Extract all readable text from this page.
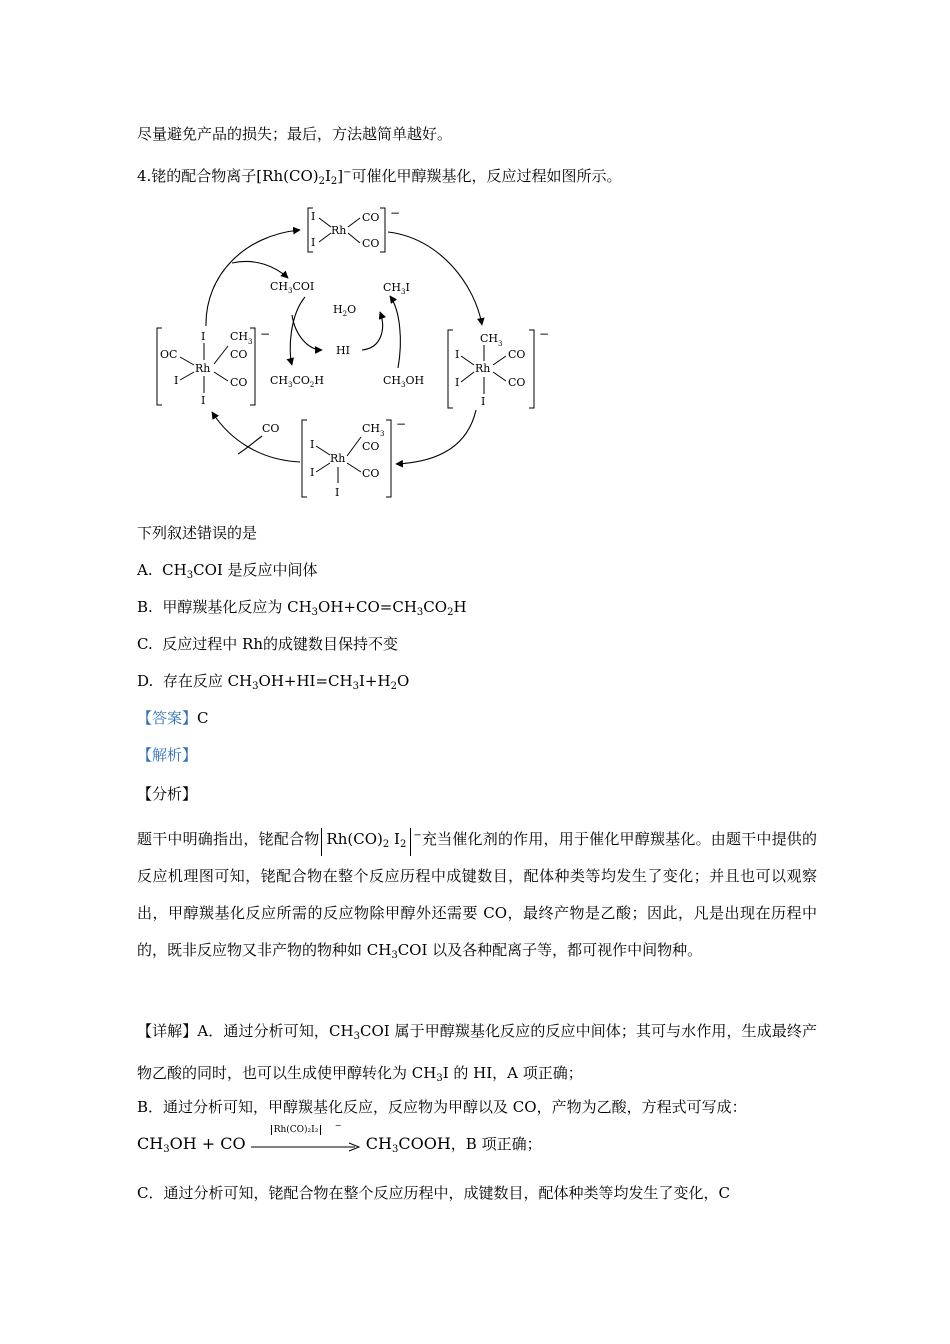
尽量避免产品的损失；最后，方法越简单越好。
4.铑的配合物离子$[Rh(CO)_2I_2]^-$可催化甲醇羰基化，反应过程如图所示。
−
I
I
Rh
CO
CO
−
I
Rh
I
OC
I
CH 3
CO
CO
−
CH 3
Rh
I
I
I
CO
CO
−
CH 3
CO
I
Rh
I	CO
I
$CH_3COI$	$CH_3I$
$H_2O$
HI
$CH_3CO_2H$	$CH_3OH$
CO
下列叙述错误的是
A. $CH_3COI$ 是反应中间体
B. 甲醇羰基化反应为 $CH_3OH+CO=CH_3CO_2H$
C. 反应过程中 Rh的成键数目保持不变
D. 存在反应 $CH_3OH+HI=CH_3I+H_2O$
【答案】C
【解析】
【分析】
题干中明确指出，铑配合物 $Rh(CO)_2$ $I_2^-$充当催化剂的作用，用于催化甲醇羰基化。由题干中提供的反应机理图可知，铑配合物在整个反应历程中成键数目，配体种类等均发生了变化；并且也可以观察出，甲醇羰基化反应所需的反应物除甲醇外还需要 CO，最终产物是乙酸；因此，凡是出现在历程中的，既非反应物又非产物的物种如 $CH_3COI$ 以及各种配离子等，都可视作中间物种。
【详解】A．通过分析可知，$CH_3COI$ 属于甲醇羰基化反应的反应中间体；其可与水作用，生成最终产物乙酸的同时，也可以生成使甲醇转化为 $CH_3I$ 的 HI，A 项正确；
B．通过分析可知，甲醇羰基化反应，反应物为甲醇以及 CO，产物为乙酸，方程式可写成：
$CH_3OH$ + CO
Rh(CO)₂I₂	−
$CH_3COOH$，B 项正确；
C．通过分析可知，铑配合物在整个反应历程中，成键数目，配体种类等均发生了变化，C
